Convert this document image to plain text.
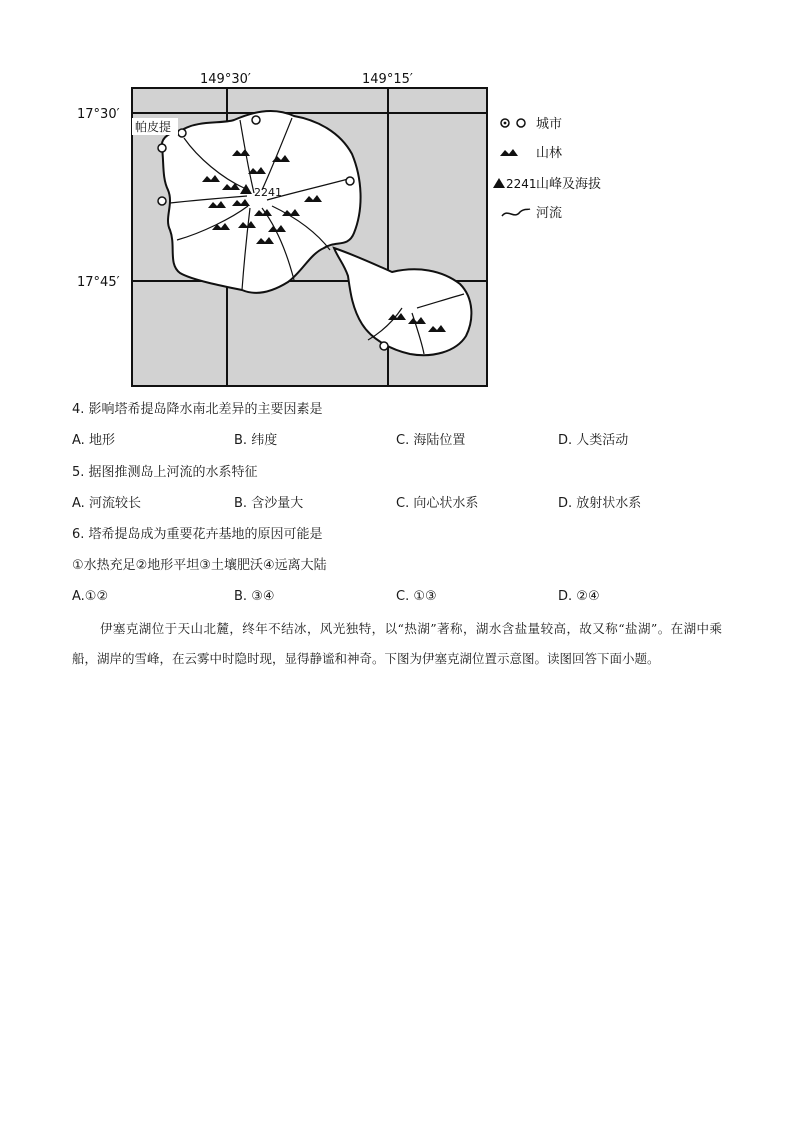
149°30′	149°15′
17°30′
17°45′
2241
帕皮提	城市
山林
2241 山峰及海拔
河流
4. 影响塔希提岛降水南北差异的主要因素是
A. 地形	B. 纬度	C. 海陆位置	D. 人类活动
5. 据图推测岛上河流的水系特征
A. 河流较长	B. 含沙量大	C. 向心状水系	D. 放射状水系
6. 塔希提岛成为重要花卉基地的原因可能是
①水热充足②地形平坦③土壤肥沃④远离大陆
A.①②	B. ③④	C. ①③	D. ②④
伊塞克湖位于天山北麓，终年不结冰，风光独特，以“热湖”著称，湖水含盐量较高，故又称“盐湖”。在湖中乘船，湖岸的雪峰，在云雾中时隐时现，显得静谧和神奇。下图为伊塞克湖位置示意图。读图回答下面小题。
